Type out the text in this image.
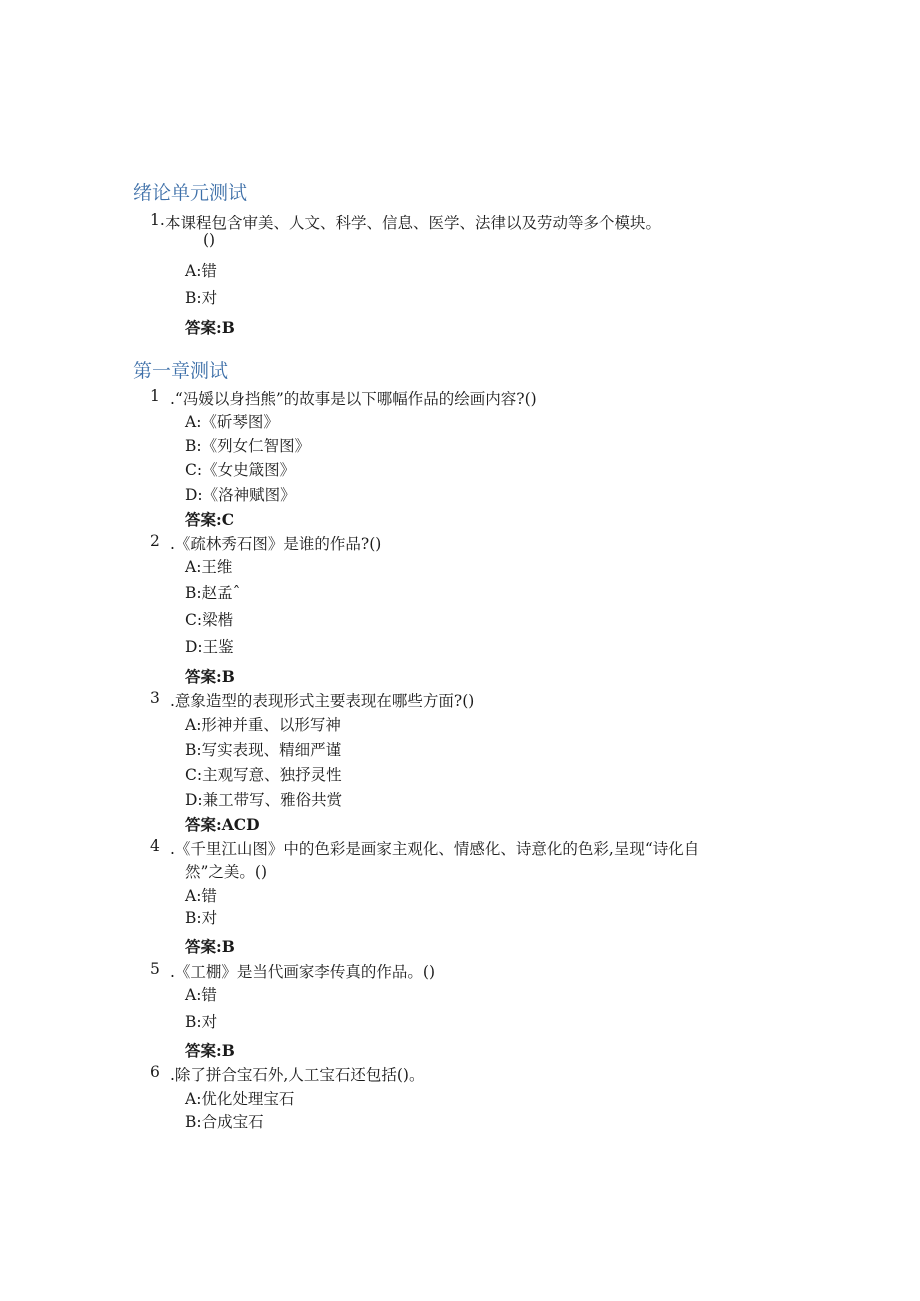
绪论单元测试
1. 本课程包含审美、人文、科学、信息、医学、法律以及劳动等多个模块。
()
A:错
B:对
答案:B
第一章测试
1 .“冯媛以身挡熊”的故事是以下哪幅作品的绘画内容?()
A:《斫琴图》
B:《列女仁智图》
C:《女史箴图》
D:《洛神赋图》
答案:C
2 .《疏林秀石图》是谁的作品?()
A:王维
B:赵孟ˆ
C:梁楷
D:王鉴
答案:B
3 .意象造型的表现形式主要表现在哪些方面?()
A:形神并重、以形写神
B:写实表现、精细严谨
C:主观写意、独抒灵性
D:兼工带写、雅俗共赏
答案:ACD
4 .《千里江山图》中的色彩是画家主观化、情感化、诗意化的色彩,呈现“诗化自
然”之美。()
A:错
B:对
答案:B
5 .《工棚》是当代画家李传真的作品。()
A:错
B:对
答案:B
6 .除了拼合宝石外,人工宝石还包括()。
A:优化处理宝石
B:合成宝石
